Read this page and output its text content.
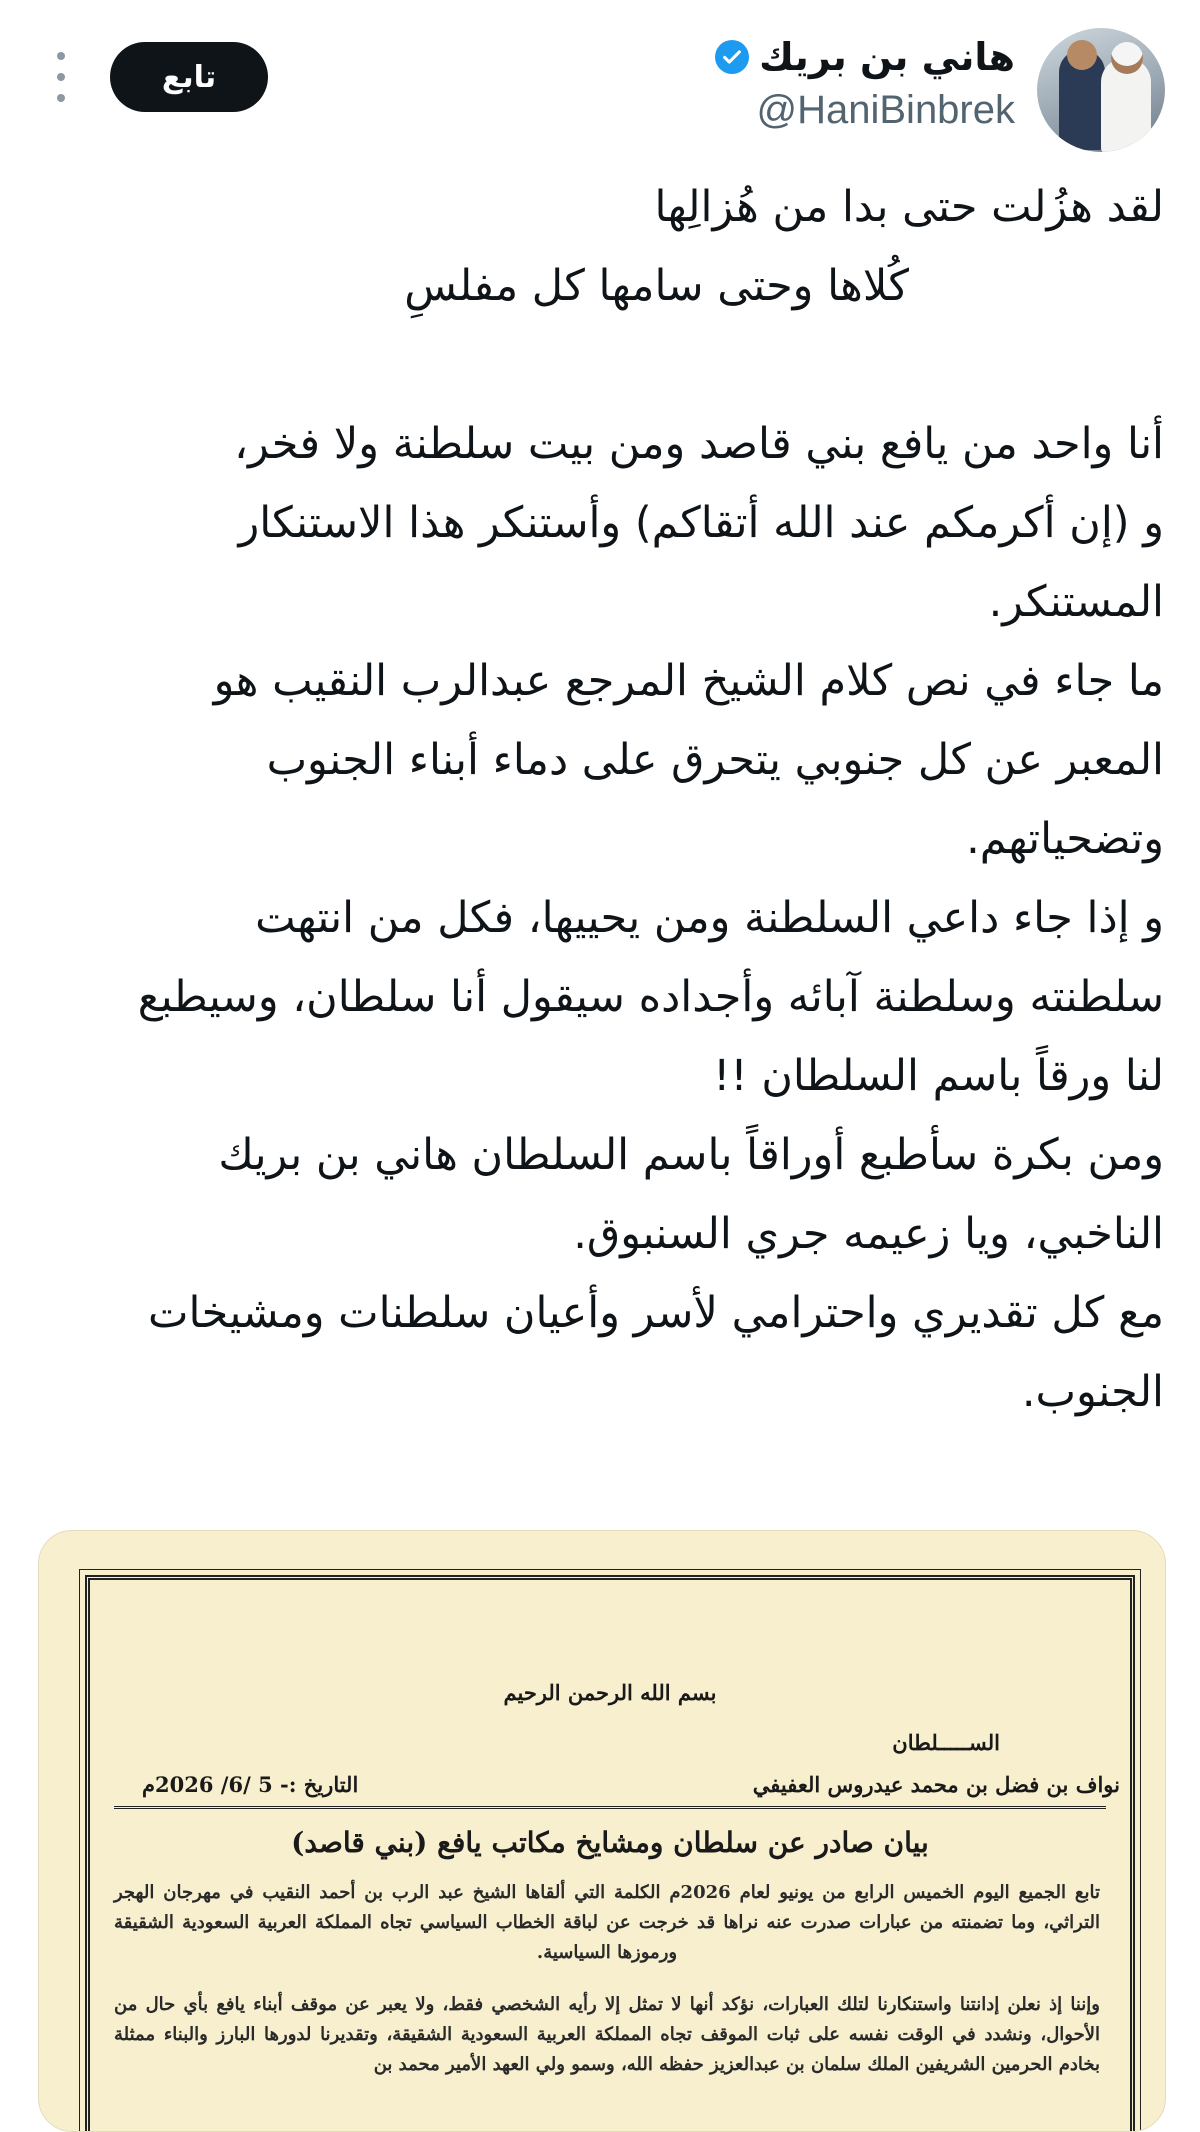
هاني بن بريك
@HaniBinbrek
تابع

لقد هزُلت حتى بدا من هُزالِها

كُلاها وحتى سامها كل مفلسِ

أنا واحد من يافع بني قاصد ومن بيت سلطنة ولا فخر،

و (إن أكرمكم عند الله أتقاكم) وأستنكر هذا الاستنكار

المستنكر.

ما جاء في نص كلام الشيخ المرجع عبدالرب النقيب هو

المعبر عن كل جنوبي يتحرق على دماء أبناء الجنوب

وتضحياتهم.

و إذا جاء داعي السلطنة ومن يحييها، فكل من انتهت

سلطنته وسلطنة آبائه وأجداده سيقول أنا سلطان، وسيطبع

لنا ورقاً باسم السلطان !!

ومن بكرة سأطبع أوراقاً باسم السلطان هاني بن بريك

الناخبي، ويا زعيمه جري السنبوق.

مع كل تقديري واحترامي لأسر وأعيان سلطنات ومشيخات

الجنوب.

بسم الله الرحمن الرحيم
الســـــلطان
نواف بن فضل بن محمد عيدروس العفيفي
التاريخ :- 5 /6/ 2026م
بيان صادر عن سلطان ومشايخ مكاتب يافع (بني قاصد)

تابع الجميع اليوم الخميس الرابع من يونيو لعام 2026م الكلمة التي ألقاها الشيخ عبد الرب بن أحمد النقيب في مهرجان الهجر التراثي، وما تضمنته من عبارات صدرت عنه نراها قد خرجت عن لباقة الخطاب السياسي تجاه المملكة العربية السعودية الشقيقة ورموزها السياسية.

وإننا إذ نعلن إدانتنا واستنكارنا لتلك العبارات، نؤكد أنها لا تمثل إلا رأيه الشخصي فقط، ولا يعبر عن موقف أبناء يافع بأي حال من الأحوال، ونشدد في الوقت نفسه على ثبات الموقف تجاه المملكة العربية السعودية الشقيقة، وتقديرنا لدورها البارز والبناء ممثلة بخادم الحرمين الشريفين الملك سلمان بن عبدالعزيز حفظه الله، وسمو ولي العهد الأمير محمد بن
